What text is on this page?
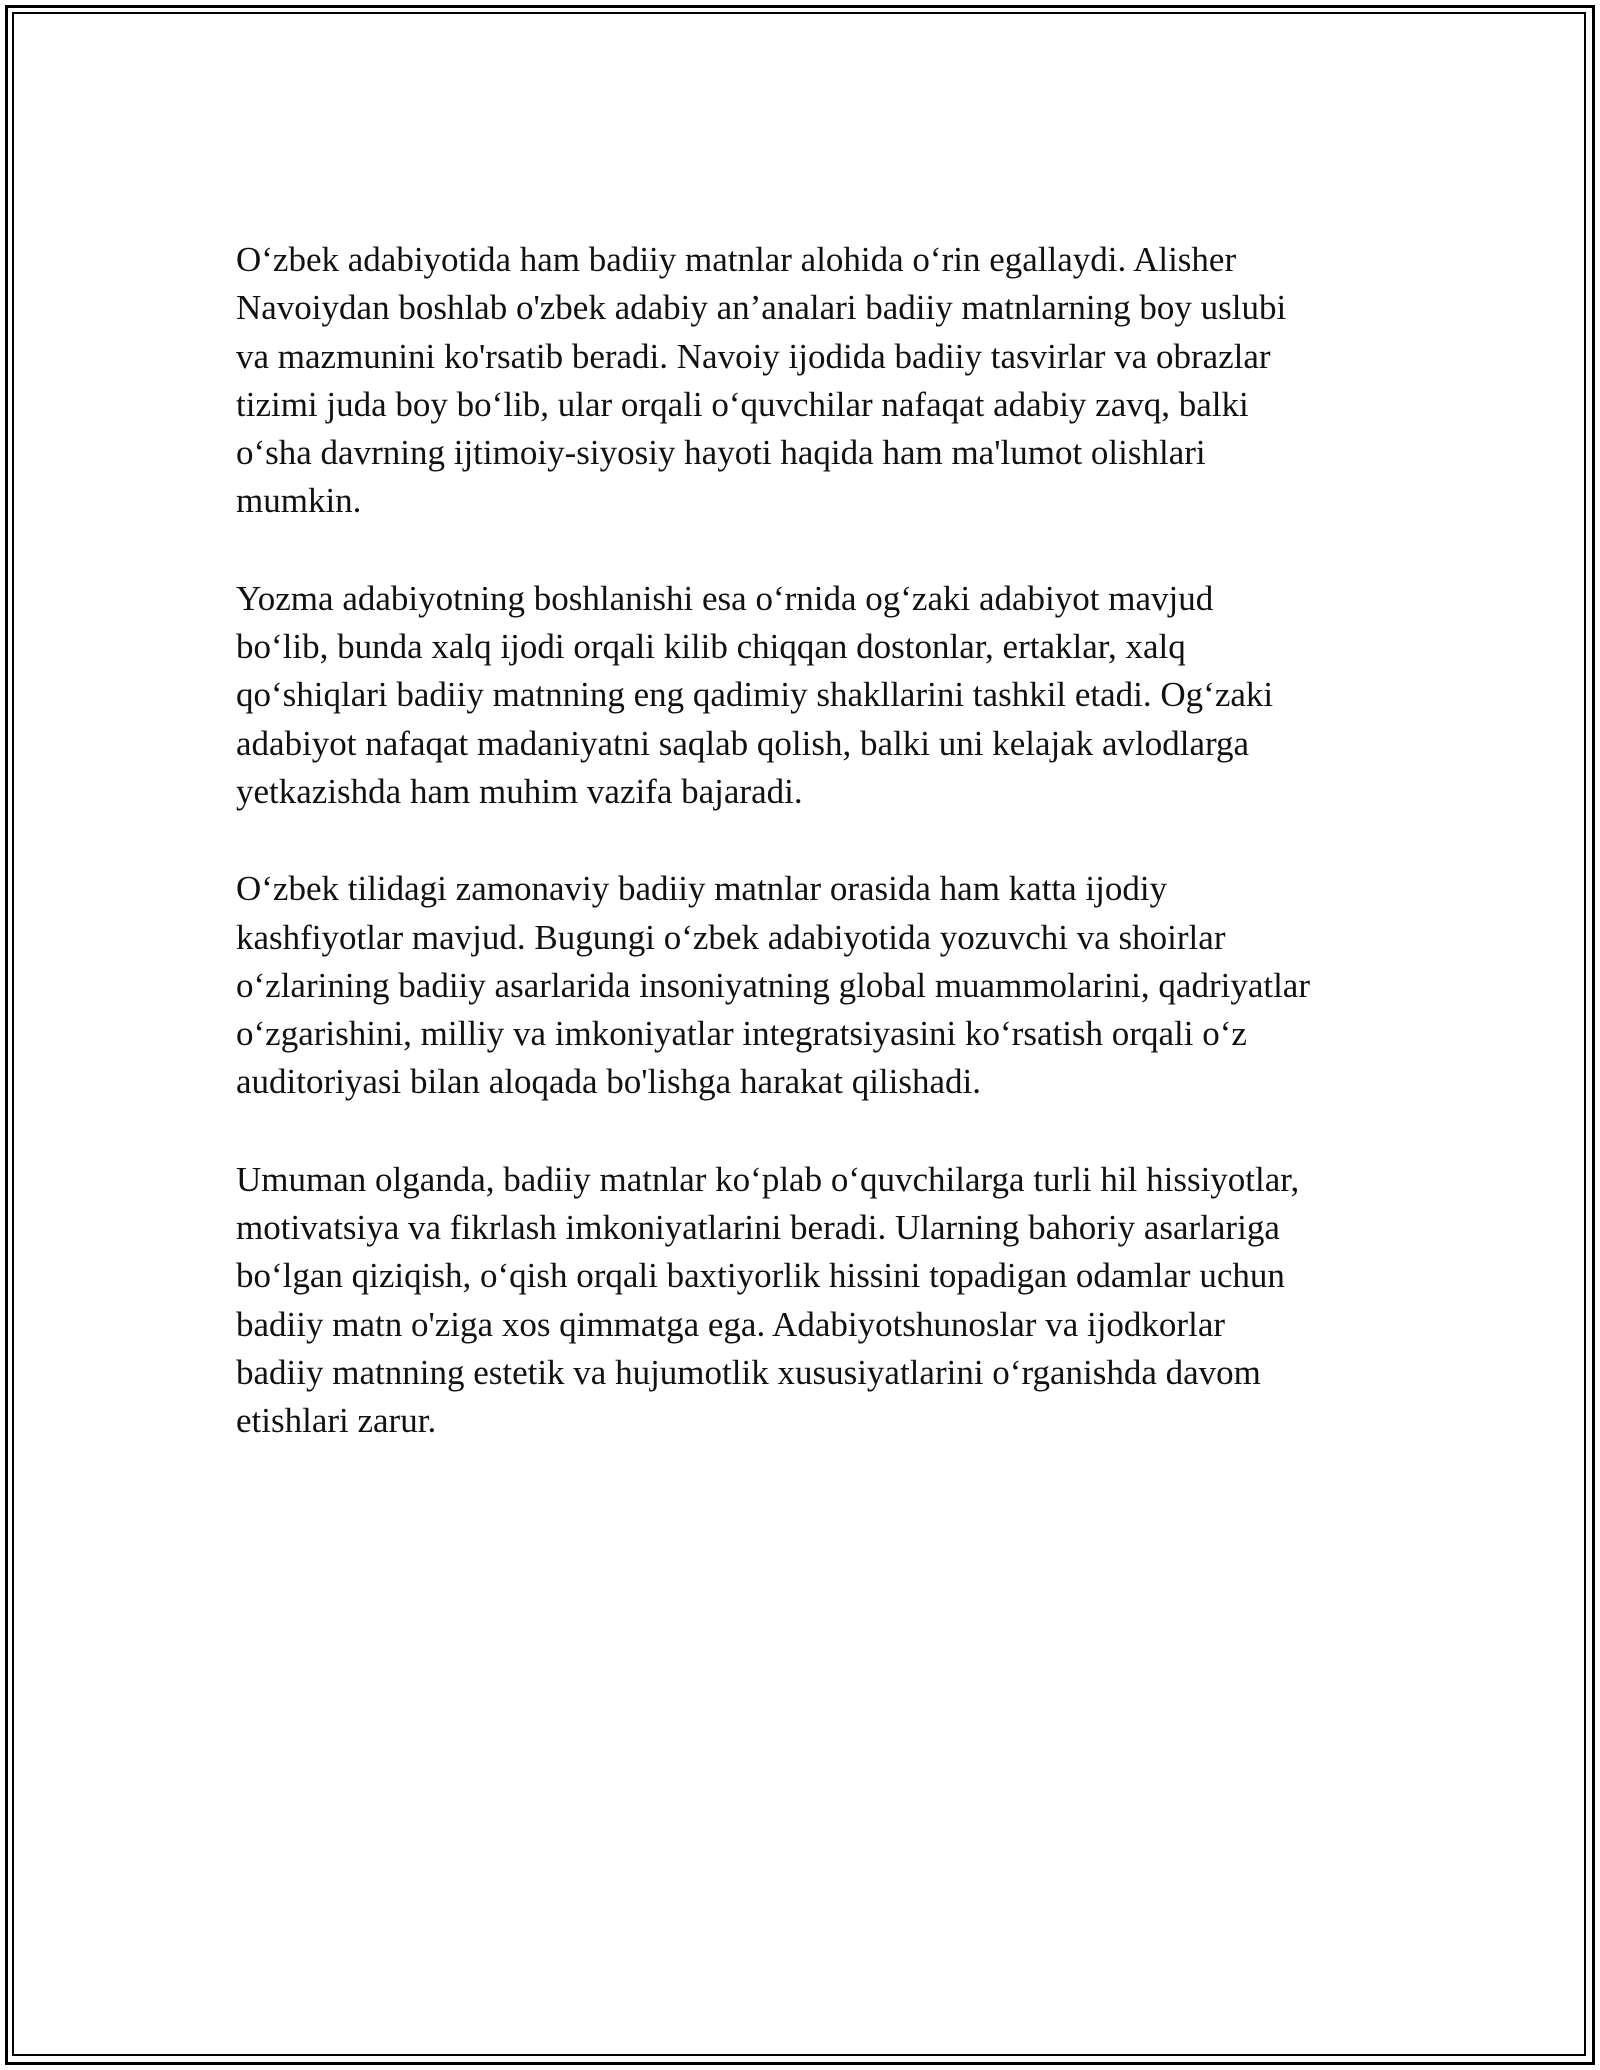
O‘zbek adabiyotida ham badiiy matnlar alohida o‘rin egallaydi. Alisher
Navoiydan boshlab o'zbek adabiy an’analari badiiy matnlarning boy uslubi
va mazmunini ko'rsatib beradi. Navoiy ijodida badiiy tasvirlar va obrazlar
tizimi juda boy bo‘lib, ular orqali o‘quvchilar nafaqat adabiy zavq, balki
o‘sha davrning ijtimoiy-siyosiy hayoti haqida ham ma'lumot olishlari
mumkin.

Yozma adabiyotning boshlanishi esa o‘rnida og‘zaki adabiyot mavjud
bo‘lib, bunda xalq ijodi orqali kilib chiqqan dostonlar, ertaklar, xalq
qo‘shiqlari badiiy matnning eng qadimiy shakllarini tashkil etadi. Og‘zaki
adabiyot nafaqat madaniyatni saqlab qolish, balki uni kelajak avlodlarga
yetkazishda ham muhim vazifa bajaradi.

O‘zbek tilidagi zamonaviy badiiy matnlar orasida ham katta ijodiy
kashfiyotlar mavjud. Bugungi o‘zbek adabiyotida yozuvchi va shoirlar
o‘zlarining badiiy asarlarida insoniyatning global muammolarini, qadriyatlar
o‘zgarishini, milliy va imkoniyatlar integratsiyasini ko‘rsatish orqali o‘z
auditoriyasi bilan aloqada bo'lishga harakat qilishadi.

Umuman olganda, badiiy matnlar ko‘plab o‘quvchilarga turli hil hissiyotlar,
motivatsiya va fikrlash imkoniyatlarini beradi. Ularning bahoriy asarlariga
bo‘lgan qiziqish, o‘qish orqali baxtiyorlik hissini topadigan odamlar uchun
badiiy matn o'ziga xos qimmatga ega. Adabiyotshunoslar va ijodkorlar
badiiy matnning estetik va hujumotlik xususiyatlarini o‘rganishda davom
etishlari zarur.
